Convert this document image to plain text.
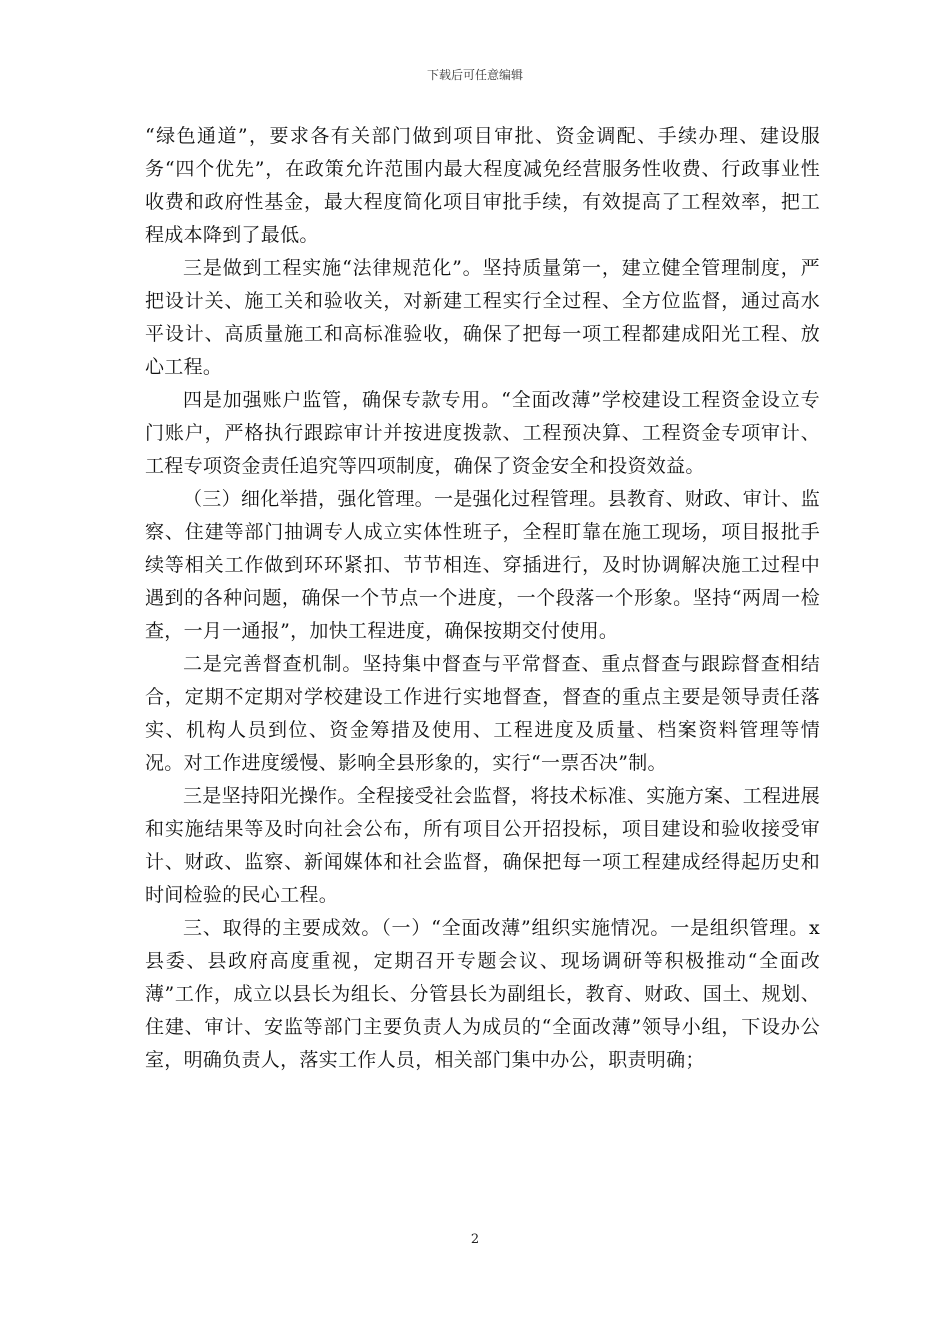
下载后可任意编辑

“绿色通道”，要求各有关部门做到项目审批、资金调配、手续办理、建设服务“四个优先”，在政策允许范围内最大程度减免经营服务性收费、行政事业性收费和政府性基金，最大程度简化项目审批手续，有效提高了工程效率，把工程成本降到了最低。

三是做到工程实施“法律规范化”。坚持质量第一，建立健全管理制度，严把设计关、施工关和验收关，对新建工程实行全过程、全方位监督，通过高水平设计、高质量施工和高标准验收，确保了把每一项工程都建成阳光工程、放心工程。

四是加强账户监管，确保专款专用。“全面改薄”学校建设工程资金设立专门账户，严格执行跟踪审计并按进度拨款、工程预决算、工程资金专项审计、工程专项资金责任追究等四项制度，确保了资金安全和投资效益。

（三）细化举措，强化管理。一是强化过程管理。县教育、财政、审计、监察、住建等部门抽调专人成立实体性班子，全程盯靠在施工现场，项目报批手续等相关工作做到环环紧扣、节节相连、穿插进行，及时协调解决施工过程中遇到的各种问题，确保一个节点一个进度，一个段落一个形象。坚持“两周一检查，一月一通报”，加快工程进度，确保按期交付使用。

二是完善督查机制。坚持集中督查与平常督查、重点督查与跟踪督查相结合，定期不定期对学校建设工作进行实地督查，督查的重点主要是领导责任落实、机构人员到位、资金筹措及使用、工程进度及质量、档案资料管理等情况。对工作进度缓慢、影响全县形象的，实行“一票否决”制。

三是坚持阳光操作。全程接受社会监督，将技术标准、实施方案、工程进展和实施结果等及时向社会公布，所有项目公开招投标，项目建设和验收接受审计、财政、监察、新闻媒体和社会监督，确保把每一项工程建成经得起历史和时间检验的民心工程。

三、取得的主要成效。（一）“全面改薄”组织实施情况。一是组织管理。x县委、县政府高度重视，定期召开专题会议、现场调研等积极推动“全面改薄”工作，成立以县长为组长、分管县长为副组长，教育、财政、国土、规划、住建、审计、安监等部门主要负责人为成员的“全面改薄”领导小组，下设办公室，明确负责人，落实工作人员，相关部门集中办公，职责明确；

2
